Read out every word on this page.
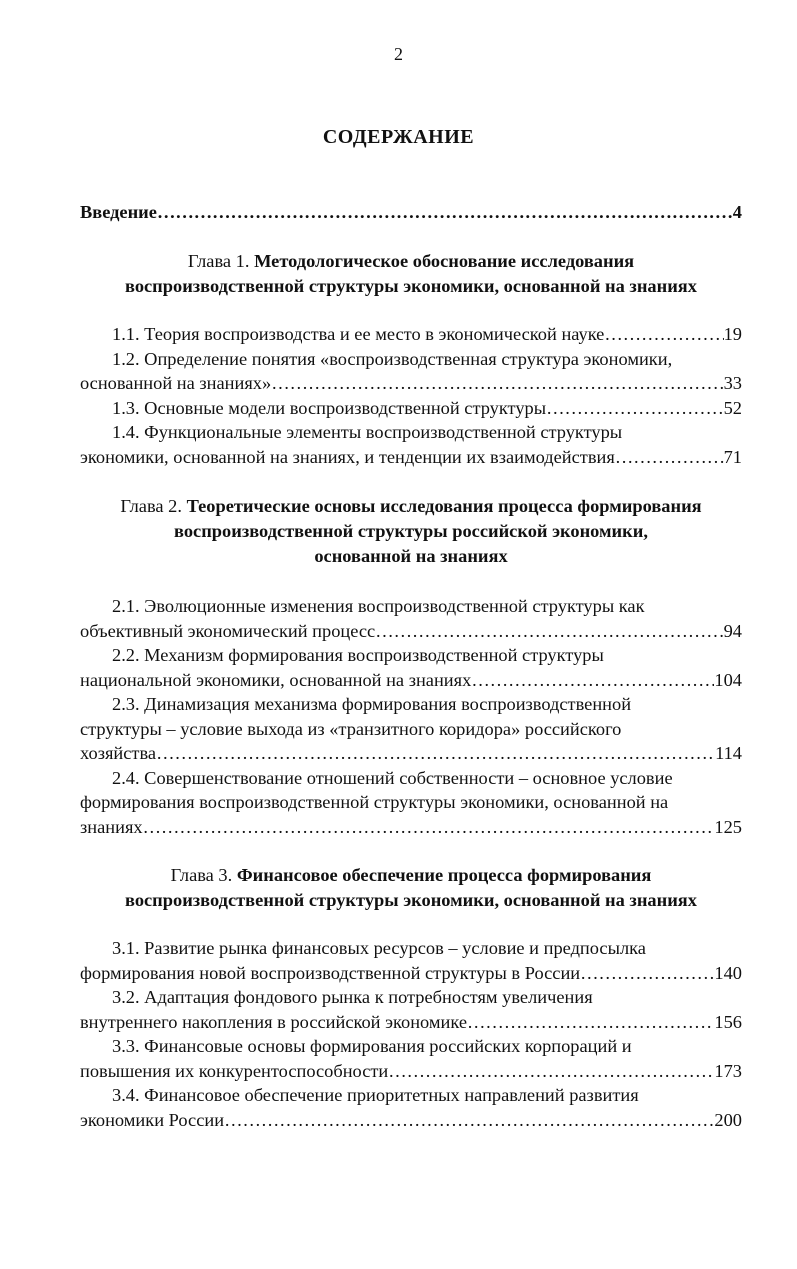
2
СОДЕРЖАНИЕ
Введение ………………………………………………………………………………………………………………………………………………………………	4
Глава 1. Методологическое обоснование исследования
воспроизводственной структуры экономики, основанной на знаниях
1.1. Теория воспроизводства и ее место в экономической науке ………………………………………………………………………………………………………………………………………………………………	19
1.2. Определение понятия «воспроизводственная структура экономики,
основанной на знаниях» ………………………………………………………………………………………………………………………………………………………………	33
1.3. Основные модели воспроизводственной структуры ………………………………………………………………………………………………………………………………………………………………	52
1.4. Функциональные элементы воспроизводственной структуры
экономики, основанной на знаниях, и тенденции их взаимодействия ………………………………………………………………………………………………………………………………………………………………	71
Глава 2. Теоретические основы исследования процесса формирования
воспроизводственной структуры российской экономики,
основанной на знаниях
2.1. Эволюционные изменения воспроизводственной структуры как
объективный экономический процесс ………………………………………………………………………………………………………………………………………………………………	94
2.2. Механизм формирования воспроизводственной структуры
национальной экономики, основанной на знаниях ………………………………………………………………………………………………………………………………………………………………	104
2.3. Динамизация механизма формирования воспроизводственной
структуры – условие выхода из «транзитного коридора» российского
хозяйства ………………………………………………………………………………………………………………………………………………………………	114
2.4. Совершенствование отношений собственности – основное условие
формирования воспроизводственной структуры экономики, основанной на
знаниях ………………………………………………………………………………………………………………………………………………………………	125
Глава 3. Финансовое обеспечение процесса формирования
воспроизводственной структуры экономики, основанной на знаниях
3.1. Развитие рынка финансовых ресурсов – условие и предпосылка
формирования новой воспроизводственной структуры в России ………………………………………………………………………………………………………………………………………………………………	140
3.2. Адаптация фондового рынка к потребностям увеличения
внутреннего накопления в российской экономике ………………………………………………………………………………………………………………………………………………………………	156
3.3. Финансовые основы формирования российских корпораций и
повышения их конкурентоспособности ………………………………………………………………………………………………………………………………………………………………	173
3.4. Финансовое обеспечение приоритетных направлений развития
экономики России ………………………………………………………………………………………………………………………………………………………………	200
